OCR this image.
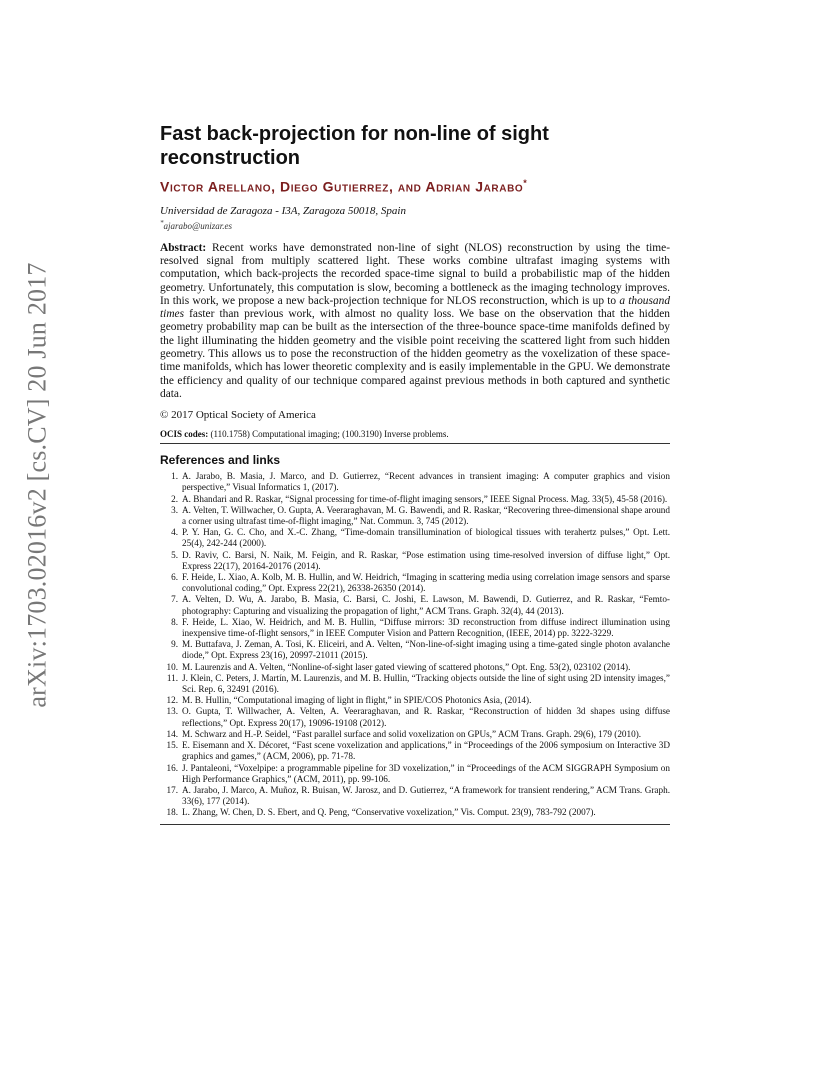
arXiv:1703.02016v2 [cs.CV] 20 Jun 2017
Fast back-projection for non-line of sight reconstruction
Victor Arellano, Diego Gutierrez, and Adrian Jarabo*
Universidad de Zaragoza - I3A, Zaragoza 50018, Spain
*ajarabo@unizar.es
Abstract: Recent works have demonstrated non-line of sight (NLOS) reconstruction by using the time-resolved signal from multiply scattered light. These works combine ultrafast imaging systems with computation, which back-projects the recorded space-time signal to build a probabilistic map of the hidden geometry. Unfortunately, this computation is slow, becoming a bottleneck as the imaging technology improves. In this work, we propose a new back-projection technique for NLOS reconstruction, which is up to a thousand times faster than previous work, with almost no quality loss. We base on the observation that the hidden geometry probability map can be built as the intersection of the three-bounce space-time manifolds defined by the light illuminating the hidden geometry and the visible point receiving the scattered light from such hidden geometry. This allows us to pose the reconstruction of the hidden geometry as the voxelization of these space-time manifolds, which has lower theoretic complexity and is easily implementable in the GPU. We demonstrate the efficiency and quality of our technique compared against previous methods in both captured and synthetic data.
© 2017 Optical Society of America
OCIS codes: (110.1758) Computational imaging; (100.3190) Inverse problems.
References and links
1. A. Jarabo, B. Masia, J. Marco, and D. Gutierrez, “Recent advances in transient imaging: A computer graphics and vision perspective,” Visual Informatics 1, (2017).
2. A. Bhandari and R. Raskar, “Signal processing for time-of-flight imaging sensors,” IEEE Signal Process. Mag. 33(5), 45-58 (2016).
3. A. Velten, T. Willwacher, O. Gupta, A. Veeraraghavan, M. G. Bawendi, and R. Raskar, “Recovering three-dimensional shape around a corner using ultrafast time-of-flight imaging,” Nat. Commun. 3, 745 (2012).
4. P. Y. Han, G. C. Cho, and X.-C. Zhang, “Time-domain transillumination of biological tissues with terahertz pulses,” Opt. Lett. 25(4), 242-244 (2000).
5. D. Raviv, C. Barsi, N. Naik, M. Feigin, and R. Raskar, “Pose estimation using time-resolved inversion of diffuse light,” Opt. Express 22(17), 20164-20176 (2014).
6. F. Heide, L. Xiao, A. Kolb, M. B. Hullin, and W. Heidrich, “Imaging in scattering media using correlation image sensors and sparse convolutional coding,” Opt. Express 22(21), 26338-26350 (2014).
7. A. Velten, D. Wu, A. Jarabo, B. Masia, C. Barsi, C. Joshi, E. Lawson, M. Bawendi, D. Gutierrez, and R. Raskar, “Femto-photography: Capturing and visualizing the propagation of light,” ACM Trans. Graph. 32(4), 44 (2013).
8. F. Heide, L. Xiao, W. Heidrich, and M. B. Hullin, “Diffuse mirrors: 3D reconstruction from diffuse indirect illumination using inexpensive time-of-flight sensors,” in IEEE Computer Vision and Pattern Recognition, (IEEE, 2014) pp. 3222-3229.
9. M. Buttafava, J. Zeman, A. Tosi, K. Eliceiri, and A. Velten, “Non-line-of-sight imaging using a time-gated single photon avalanche diode,” Opt. Express 23(16), 20997-21011 (2015).
10. M. Laurenzis and A. Velten, “Nonline-of-sight laser gated viewing of scattered photons,” Opt. Eng. 53(2), 023102 (2014).
11. J. Klein, C. Peters, J. Martín, M. Laurenzis, and M. B. Hullin, “Tracking objects outside the line of sight using 2D intensity images,” Sci. Rep. 6, 32491 (2016).
12. M. B. Hullin, “Computational imaging of light in flight,” in SPIE/COS Photonics Asia, (2014).
13. O. Gupta, T. Willwacher, A. Velten, A. Veeraraghavan, and R. Raskar, “Reconstruction of hidden 3d shapes using diffuse reflections,” Opt. Express 20(17), 19096-19108 (2012).
14. M. Schwarz and H.-P. Seidel, “Fast parallel surface and solid voxelization on GPUs,” ACM Trans. Graph. 29(6), 179 (2010).
15. E. Eisemann and X. Décoret, “Fast scene voxelization and applications,” in “Proceedings of the 2006 symposium on Interactive 3D graphics and games,” (ACM, 2006), pp. 71-78.
16. J. Pantaleoni, “Voxelpipe: a programmable pipeline for 3D voxelization,” in “Proceedings of the ACM SIGGRAPH Symposium on High Performance Graphics,” (ACM, 2011), pp. 99-106.
17. A. Jarabo, J. Marco, A. Muñoz, R. Buisan, W. Jarosz, and D. Gutierrez, “A framework for transient rendering,” ACM Trans. Graph. 33(6), 177 (2014).
18. L. Zhang, W. Chen, D. S. Ebert, and Q. Peng, “Conservative voxelization,” Vis. Comput. 23(9), 783-792 (2007).
